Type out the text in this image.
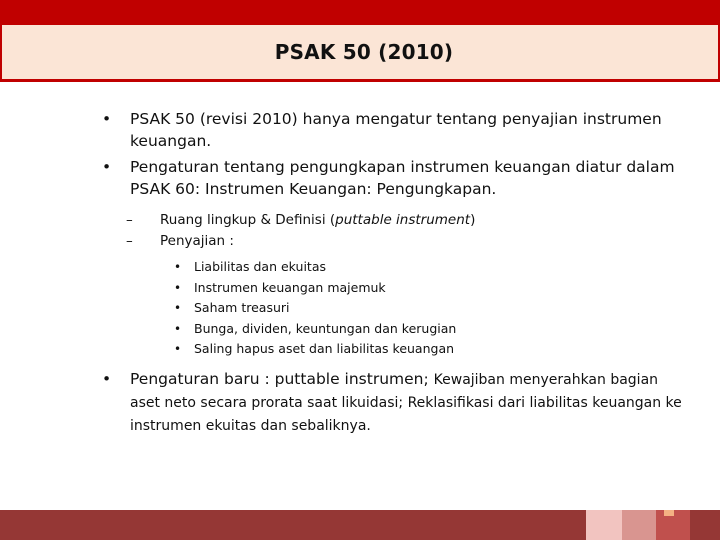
PSAK 50 (2010)
• PSAK 50 (revisi 2010) hanya mengatur tentang penyajian instrumen keuangan.
• Pengaturan tentang pengungkapan instrumen keuangan diatur dalam PSAK 60: Instrumen Keuangan: Pengungkapan.
– Ruang lingkup & Definisi (puttable instrument)
– Penyajian :
• Liabilitas dan ekuitas
• Instrumen keuangan majemuk
• Saham treasuri
• Bunga, dividen, keuntungan dan kerugian
• Saling hapus aset dan liabilitas keuangan
• Pengaturan baru : puttable instrumen; Kewajiban menyerahkan bagian aset neto secara prorata saat likuidasi; Reklasifikasi dari liabilitas keuangan ke instrumen ekuitas dan sebaliknya.
